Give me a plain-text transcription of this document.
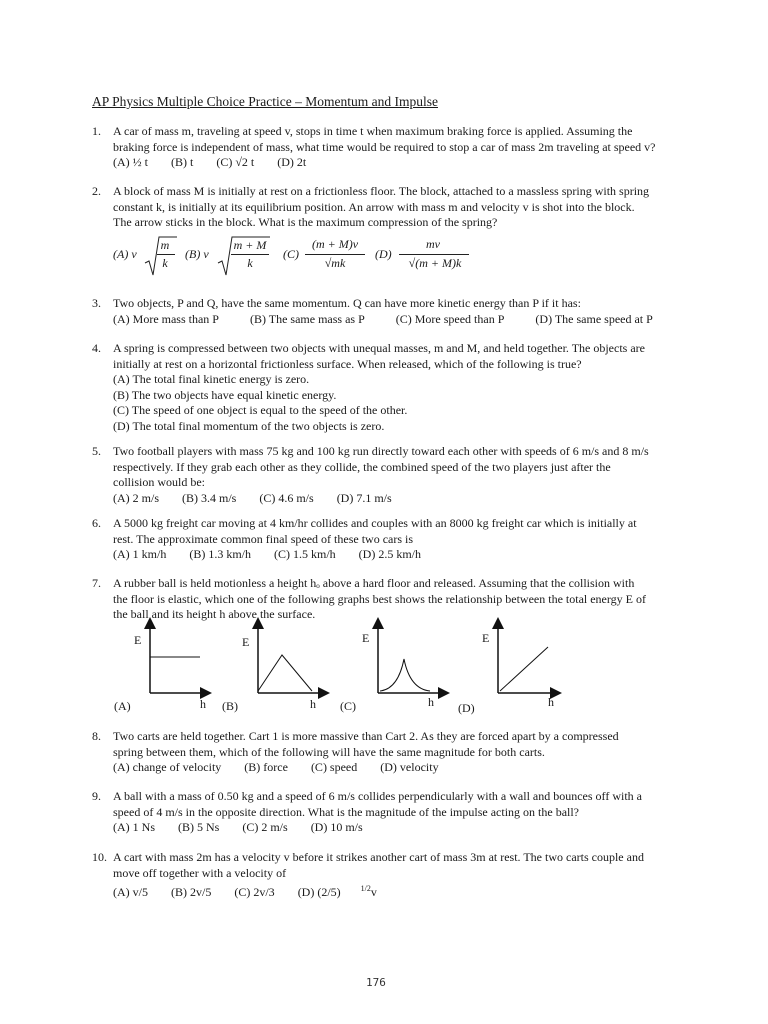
AP Physics Multiple Choice Practice – Momentum and Impulse
1. A car of mass m, traveling at speed v, stops in time t when maximum braking force is applied. Assuming the
braking force is independent of mass, what time would be required to stop a car of mass 2m traveling at speed v?
(A) ½ t (B) t (C) √2 t (D) 2t
2. A block of mass M is initially at rest on a frictionless floor. The block, attached to a massless spring with spring
constant k, is initially at its equilibrium position. An arrow with mass m and velocity v is shot into the block.
The arrow sticks in the block. What is the maximum compression of the spring?
(A) v
m
k
(B) v
m + M
k
(C)
(m + M)v
√mk
(D)
mv
√(m + M)k
3. Two objects, P and Q, have the same momentum. Q can have more kinetic energy than P if it has:
(A) More mass than P	(B) The same mass as P	(C) More speed than P	(D) The same speed at P
4. A spring is compressed between two objects with unequal masses, m and M, and held together. The objects are
initially at rest on a horizontal frictionless surface. When released, which of the following is true?
(A) The total final kinetic energy is zero.
(B) The two objects have equal kinetic energy.
(C) The speed of one object is equal to the speed of the other.
(D) The total final momentum of the two objects is zero.
5. Two football players with mass 75 kg and 100 kg run directly toward each other with speeds of 6 m/s and 8 m/s
respectively. If they grab each other as they collide, the combined speed of the two players just after the
collision would be:
(A) 2 m/s (B) 3.4 m/s (C) 4.6 m/s (D) 7.1 m/s
6. A 5000 kg freight car moving at 4 km/hr collides and couples with an 8000 kg freight car which is initially at
rest. The approximate common final speed of these two cars is
(A) 1 km/h (B) 1.3 km/h (C) 1.5 km/h (D) 2.5 km/h
7. A rubber ball is held motionless a height hₒ above a hard floor and released. Assuming that the collision with
the floor is elastic, which one of the following graphs best shows the relationship between the total energy E of
the ball and its height h above the surface.
E	E	E	E
h	h	h	h
(A)	(B)	(C)	(D)
8. Two carts are held together. Cart 1 is more massive than Cart 2. As they are forced apart by a compressed
spring between them, which of the following will have the same magnitude for both carts.
(A) change of velocity (B) force (C) speed (D) velocity
9. A ball with a mass of 0.50 kg and a speed of 6 m/s collides perpendicularly with a wall and bounces off with a
speed of 4 m/s in the opposite direction. What is the magnitude of the impulse acting on the ball?
(A) 1 Ns (B) 5 Ns (C) 2 m/s (D) 10 m/s
10. A cart with mass 2m has a velocity v before it strikes another cart of mass 3m at rest. The two carts couple and
move off together with a velocity of
(A) v/5 (B) 2v/5 (C) 2v/3 (D) (2/5)	$^{1/2}$v
176
